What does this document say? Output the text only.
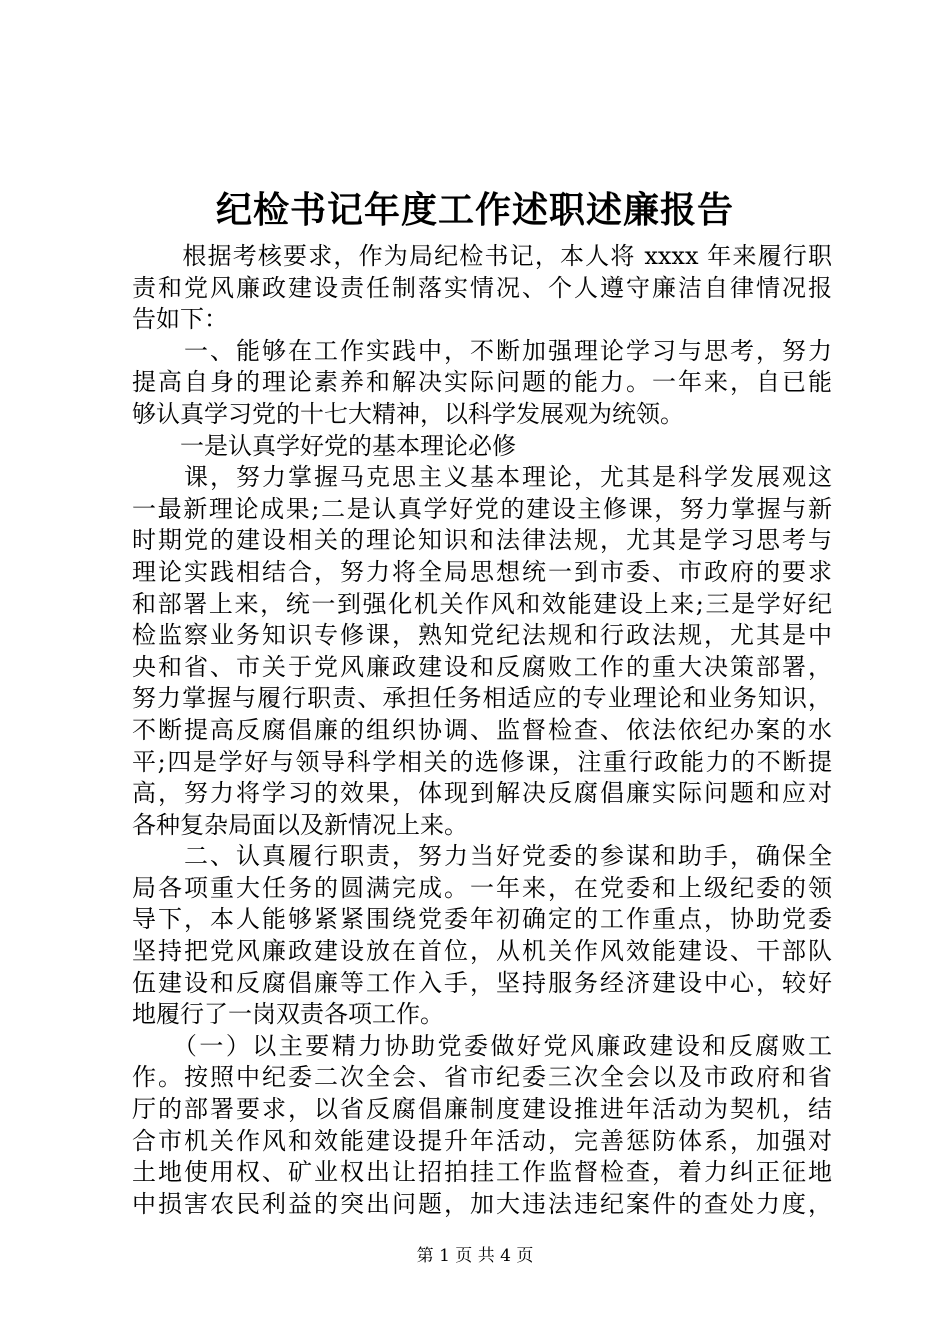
纪检书记年度工作述职述廉报告
　　根据考核要求，作为局纪检书记，本人将 xxxx 年来履行职
责和党风廉政建设责任制落实情况、个人遵守廉洁自律情况报
告如下：
　　一、能够在工作实践中，不断加强理论学习与思考，努力
提高自身的理论素养和解决实际问题的能力。一年来，自已能
够认真学习党的十七大精神，以科学发展观为统领。
　　一是认真学好党的基本理论必修
　　课，努力掌握马克思主义基本理论，尤其是科学发展观这
一最新理论成果;二是认真学好党的建设主修课，努力掌握与新
时期党的建设相关的理论知识和法律法规，尤其是学习思考与
理论实践相结合，努力将全局思想统一到市委、市政府的要求
和部署上来，统一到强化机关作风和效能建设上来;三是学好纪
检监察业务知识专修课，熟知党纪法规和行政法规，尤其是中
央和省、市关于党风廉政建设和反腐败工作的重大决策部署，
努力掌握与履行职责、承担任务相适应的专业理论和业务知识，
不断提高反腐倡廉的组织协调、监督检查、依法依纪办案的水
平;四是学好与领导科学相关的选修课，注重行政能力的不断提
高，努力将学习的效果，体现到解决反腐倡廉实际问题和应对
各种复杂局面以及新情况上来。
　　二、认真履行职责，努力当好党委的参谋和助手，确保全
局各项重大任务的圆满完成。一年来，在党委和上级纪委的领
导下，本人能够紧紧围绕党委年初确定的工作重点，协助党委
坚持把党风廉政建设放在首位，从机关作风效能建设、干部队
伍建设和反腐倡廉等工作入手，坚持服务经济建设中心，较好
地履行了一岗双责各项工作。
　　（一）以主要精力协助党委做好党风廉政建设和反腐败工
作。按照中纪委二次全会、省市纪委三次全会以及市政府和省
厅的部署要求，以省反腐倡廉制度建设推进年活动为契机，结
合市机关作风和效能建设提升年活动，完善惩防体系，加强对
土地使用权、矿业权出让招拍挂工作监督检查，着力纠正征地
中损害农民利益的突出问题，加大违法违纪案件的查处力度，
第 1 页 共 4 页
